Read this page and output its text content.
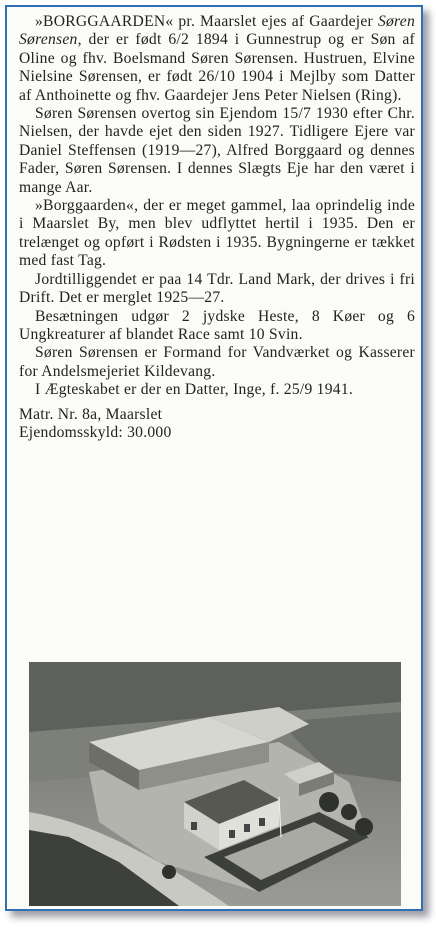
»BORGGAARDEN« pr. Maarslet ejes af Gaardejer Søren Sørensen, der er født 6/2 1894 i Gunnestrup og er Søn af Oline og fhv. Boelsmand Søren Sørensen. Hustruen, Elvine Nielsine Sørensen, er født 26/10 1904 i Mejlby som Datter af Anthoinette og fhv. Gaardejer Jens Peter Nielsen (Ring).

Søren Sørensen overtog sin Ejendom 15/7 1930 efter Chr. Nielsen, der havde ejet den siden 1927. Tidligere Ejere var Daniel Steffensen (1919—27), Alfred Borggaard og dennes Fader, Søren Sørensen. I dennes Slægts Eje har den været i mange Aar.

»Borggaarden«, der er meget gammel, laa oprindelig inde i Maarslet By, men blev udflyttet hertil i 1935. Den er trelænget og opført i Rødsten i 1935. Bygningerne er tækket med fast Tag.

Jordtilliggendet er paa 14 Tdr. Land Mark, der drives i fri Drift. Det er merglet 1925—27.

Besætningen udgør 2 jydske Heste, 8 Køer og 6 Ungkreaturer af blandet Race samt 10 Svin.

Søren Sørensen er Formand for Vandværket og Kasserer for Andelsmejeriet Kildevang.

I Ægteskabet er der en Datter, Inge, f. 25/9 1941.

Matr. Nr. 8a, Maarslet

Ejendomsskyld: 30.000
